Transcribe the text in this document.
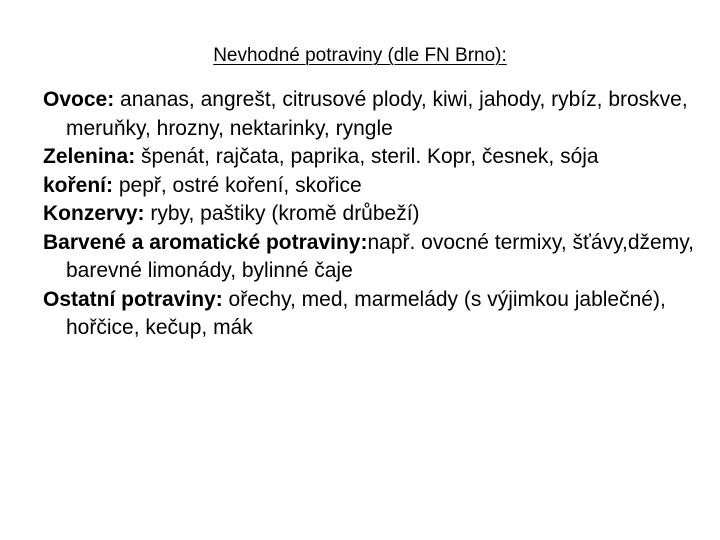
Nevhodné potraviny (dle FN Brno):
Ovoce: ananas, angrešt, citrusové plody, kiwi, jahody, rybíz, broskve, meruňky, hrozny, nektarinky, ryngle
Zelenina: špenát, rajčata, paprika, steril. Kopr, česnek, sója
koření: pepř, ostré koření, skořice
Konzervy: ryby, paštiky (kromě drůbeží)
Barvené a aromatické potraviny:např. ovocné termixy, šťávy,džemy, barevné limonády, bylinné čaje
Ostatní potraviny: ořechy, med, marmelády (s výjimkou jablečné), hořčice, kečup, mák
